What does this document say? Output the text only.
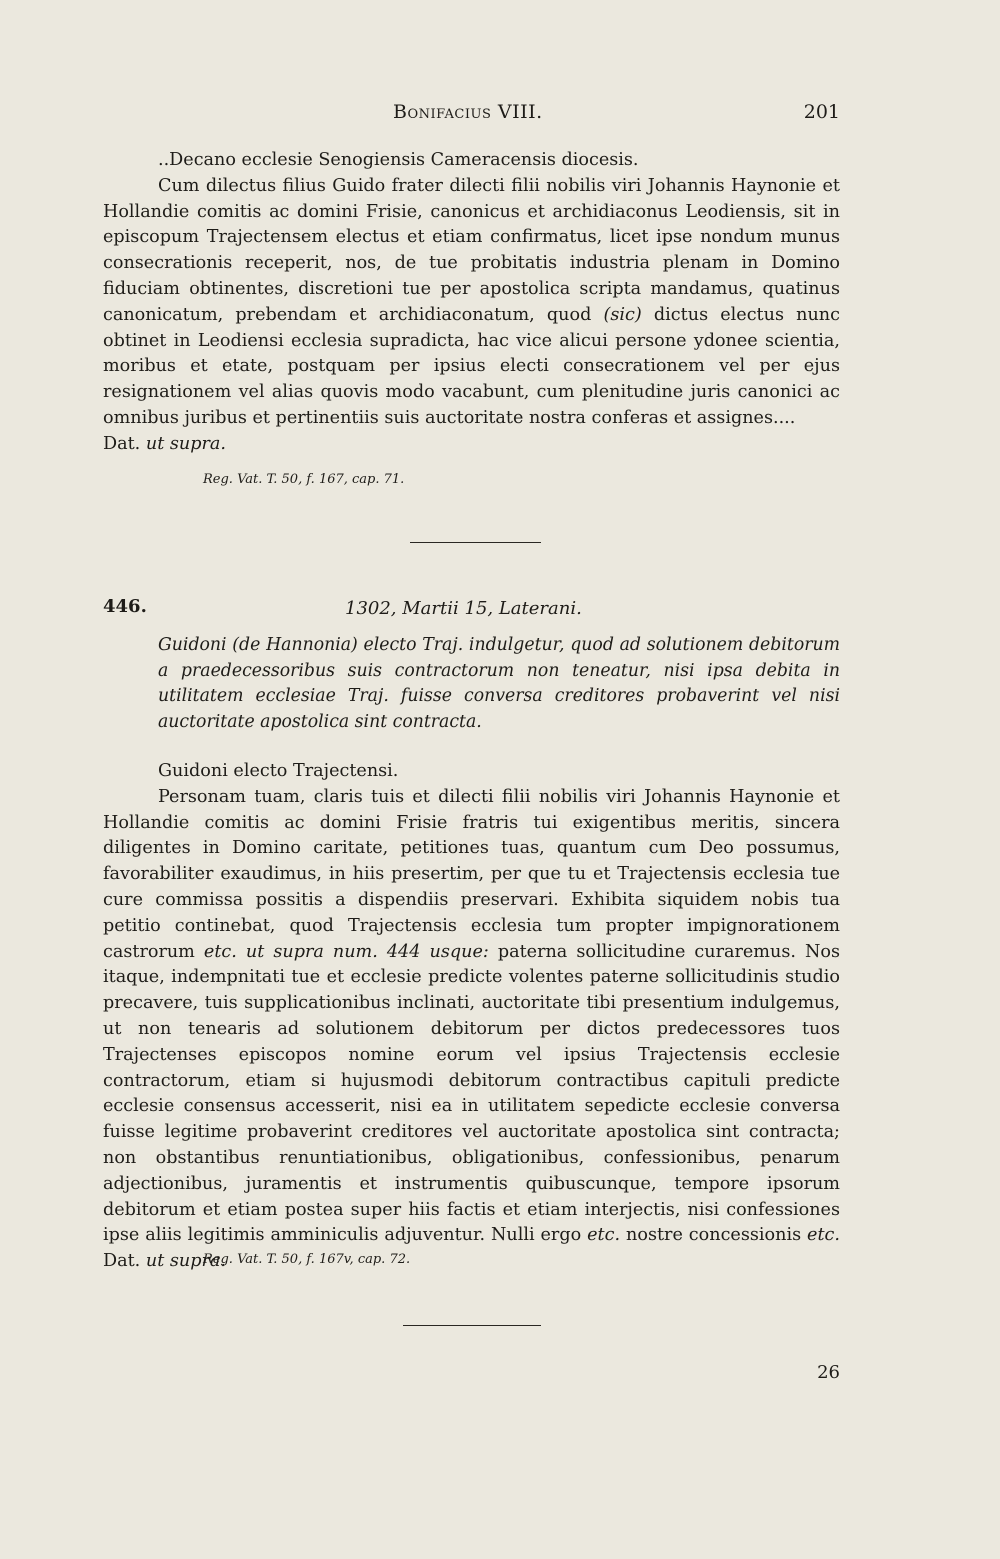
Bonifacius VIII.	201

..Decano ecclesie Senogiensis Cameracensis diocesis.

Cum dilectus filius Guido frater dilecti filii nobilis viri Johannis Haynonie et Hollandie comitis ac domini Frisie, canonicus et archidiaconus Leodiensis, sit in episcopum Trajectensem electus et etiam confirmatus, licet ipse nondum munus consecrationis receperit, nos, de tue probitatis industria plenam in Domino fiduciam obtinentes, discretioni tue per apostolica scripta mandamus, quatinus canonicatum, prebendam et archidiaconatum, quod (sic) dictus electus nunc obtinet in Leodiensi ecclesia supradicta, hac vice alicui persone ydonee scientia, moribus et etate, postquam per ipsius electi consecrationem vel per ejus resignationem vel alias quovis modo vacabunt, cum plenitudine juris canonici ac omnibus juribus et pertinentiis suis auctoritate nostra conferas et assignes....

Dat. ut supra.

Reg. Vat. T. 50, f. 167, cap. 71.
446.	1302, Martii 15, Laterani.

Guidoni (de Hannonia) electo Traj. indulgetur, quod ad solutionem debitorum a praedecessoribus suis contractorum non teneatur, nisi ipsa debita in utilitatem ecclesiae Traj. fuisse conversa creditores probaverint vel nisi auctoritate apostolica sint contracta.

Guidoni electo Trajectensi.

Personam tuam, claris tuis et dilecti filii nobilis viri Johannis Haynonie et Hollandie comitis ac domini Frisie fratris tui exigentibus meritis, sincera diligentes in Domino caritate, petitiones tuas, quantum cum Deo possumus, favorabiliter exaudimus, in hiis presertim, per que tu et Trajectensis ecclesia tue cure commissa possitis a dispendiis preservari. Exhibita siquidem nobis tua petitio continebat, quod Trajectensis ecclesia tum propter impignorationem castrorum etc. ut supra num. 444 usque: paterna sollicitudine curaremus. Nos itaque, indempnitati tue et ecclesie predicte volentes paterne sollicitudinis studio precavere, tuis supplicationibus inclinati, auctoritate tibi presentium indulgemus, ut non tenearis ad solutionem debitorum per dictos predecessores tuos Trajectenses episcopos nomine eorum vel ipsius Trajectensis ecclesie contractorum, etiam si hujusmodi debitorum contractibus capituli predicte ecclesie consensus accesserit, nisi ea in utilitatem sepedicte ecclesie conversa fuisse legitime probaverint creditores vel auctoritate apostolica sint contracta; non obstantibus renuntiationibus, obligationibus, confessionibus, penarum adjectionibus, juramentis et instrumentis quibuscunque, tempore ipsorum debitorum et etiam postea super hiis factis et etiam interjectis, nisi confessiones ipse aliis legitimis amminiculis adjuventur. Nulli ergo etc. nostre concessionis etc. Dat. ut supra.

Reg. Vat. T. 50, f. 167v, cap. 72.
26
